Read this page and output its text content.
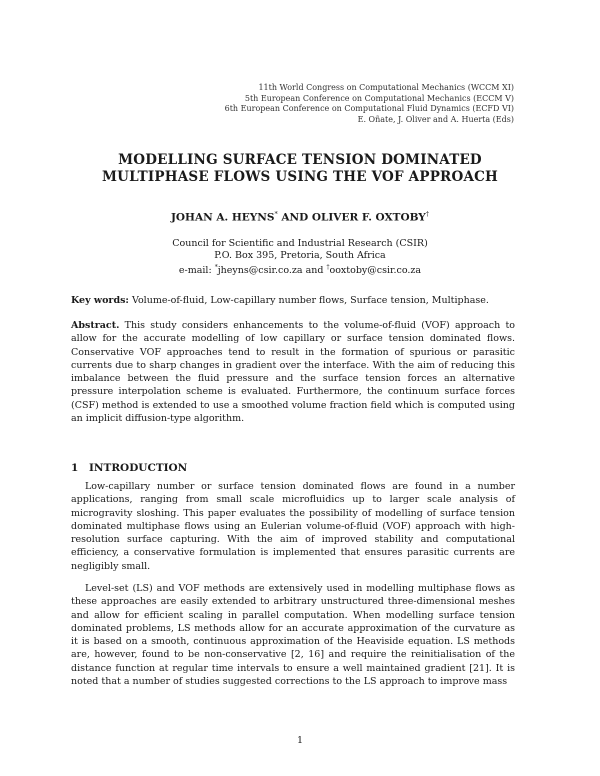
11th World Congress on Computational Mechanics (WCCM XI)
5th European Conference on Computational Mechanics (ECCM V)
6th European Conference on Computational Fluid Dynamics (ECFD VI)
E. Oñate, J. Oliver and A. Huerta (Eds)
MODELLING SURFACE TENSION DOMINATED
MULTIPHASE FLOWS USING THE VOF APPROACH
JOHAN A. HEYNS* AND OLIVER F. OXTOBY†
Council for Scientific and Industrial Research (CSIR)
P.O. Box 395, Pretoria, South Africa
e-mail: *jheyns@csir.co.za and †ooxtoby@csir.co.za
Key words: Volume-of-fluid, Low-capillary number flows, Surface tension, Multiphase.
Abstract. This study considers enhancements to the volume-of-fluid (VOF) approach to allow for the accurate modelling of low capillary or surface tension dominated flows. Conservative VOF approaches tend to result in the formation of spurious or parasitic currents due to sharp changes in gradient over the interface. With the aim of reducing this imbalance between the fluid pressure and the surface tension forces an alternative pressure interpolation scheme is evaluated. Furthermore, the continuum surface forces (CSF) method is extended to use a smoothed volume fraction field which is computed using an implicit diffusion-type algorithm.
1 INTRODUCTION
Low-capillary number or surface tension dominated flows are found in a number applications, ranging from small scale microfluidics up to larger scale analysis of microgravity sloshing. This paper evaluates the possibility of modelling of surface tension dominated multiphase flows using an Eulerian volume-of-fluid (VOF) approach with high-resolution surface capturing. With the aim of improved stability and computational efficiency, a conservative formulation is implemented that ensures parasitic currents are negligibly small.
Level-set (LS) and VOF methods are extensively used in modelling multiphase flows as these approaches are easily extended to arbitrary unstructured three-dimensional meshes and allow for efficient scaling in parallel computation. When modelling surface tension dominated problems, LS methods allow for an accurate approximation of the curvature as it is based on a smooth, continuous approximation of the Heaviside equation. LS methods are, however, found to be non-conservative [2, 16] and require the reinitialisation of the distance function at regular time intervals to ensure a well maintained gradient [21]. It is noted that a number of studies suggested corrections to the LS approach to improve mass
1
